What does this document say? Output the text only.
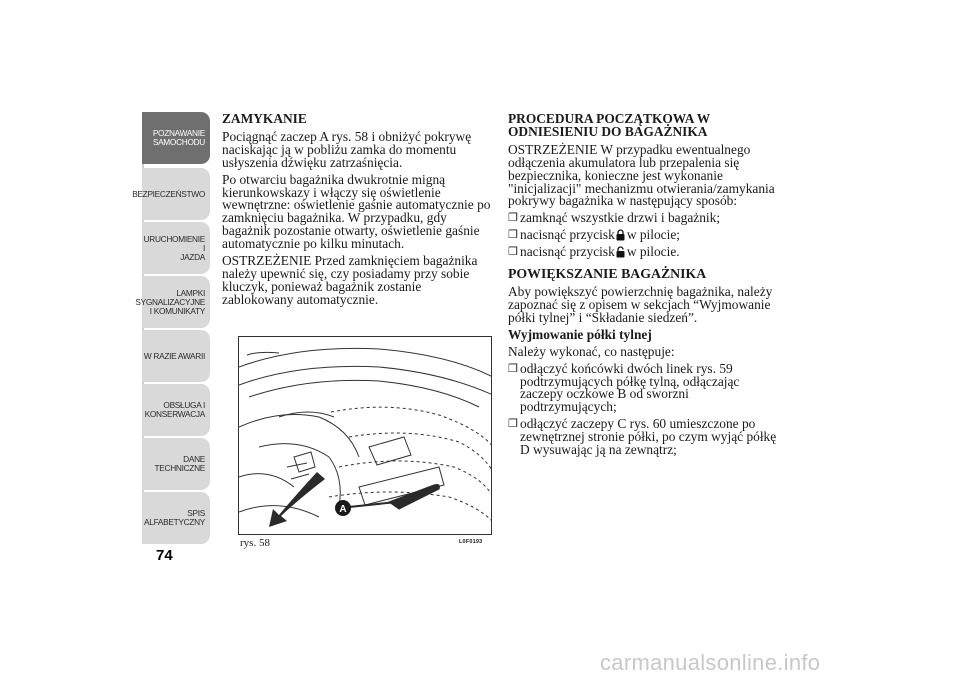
POZNAWANIE
SAMOCHODU
BEZPIECZEŃSTWO
URUCHOMIENIE I
JAZDA
LAMPKI
SYGNALIZACYJNE
I KOMUNIKATY
W RAZIE AWARII
OBSŁUGA I
KONSERWACJA
DANE
TECHNICZNE
SPIS
ALFABETYCZNY
74
ZAMYKANIE

Pociągnąć zaczep A rys. 58 i obniżyć pokrywę naciskając ją w pobliżu zamka do momentu usłyszenia dźwięku zatrzaśnięcia.

Po otwarciu bagażnika dwukrotnie migną kierunkowskazy i włączy się oświetlenie wewnętrzne: oświetlenie gaśnie automatycznie po zamknięciu bagażnika. W przypadku, gdy bagażnik pozostanie otwarty, oświetlenie gaśnie automatycznie po kilku minutach.

OSTRZEŻENIE Przed zamknięciem bagażnika należy upewnić się, czy posiadamy przy sobie kluczyk, ponieważ bagażnik zostanie zablokowany automatycznie.

A
rys. 58	L0F0193
PROCEDURA POCZĄTKOWA W ODNIESIENIU DO BAGAŻNIKA

OSTRZEŻENIE W przypadku ewentualnego odłączenia akumulatora lub przepalenia się bezpiecznika, konieczne jest wykonanie "inicjalizacji" mechanizmu otwierania/zamykania pokrywy bagażnika w następujący sposób:

❒ zamknąć wszystkie drzwi i bagażnik;
❒ nacisnąć przycisk w pilocie;
❒ nacisnąć przycisk w pilocie.
POWIĘKSZANIE BAGAŻNIKA

Aby powiększyć powierzchnię bagażnika, należy zapoznać się z opisem w sekcjach “Wyjmowanie półki tylnej” i “Składanie siedzeń”.

Wyjmowanie półki tylnej

Należy wykonać, co następuje:

❒ odłączyć końcówki dwóch linek rys. 59 podtrzymujących półkę tylną, odłączając zaczepy oczkowe B od sworzni podtrzymujących;
❒ odłączyć zaczepy C rys. 60 umieszczone po zewnętrznej stronie półki, po czym wyjąć półkę D wysuwając ją na zewnątrz;
carmanualsonline.info
